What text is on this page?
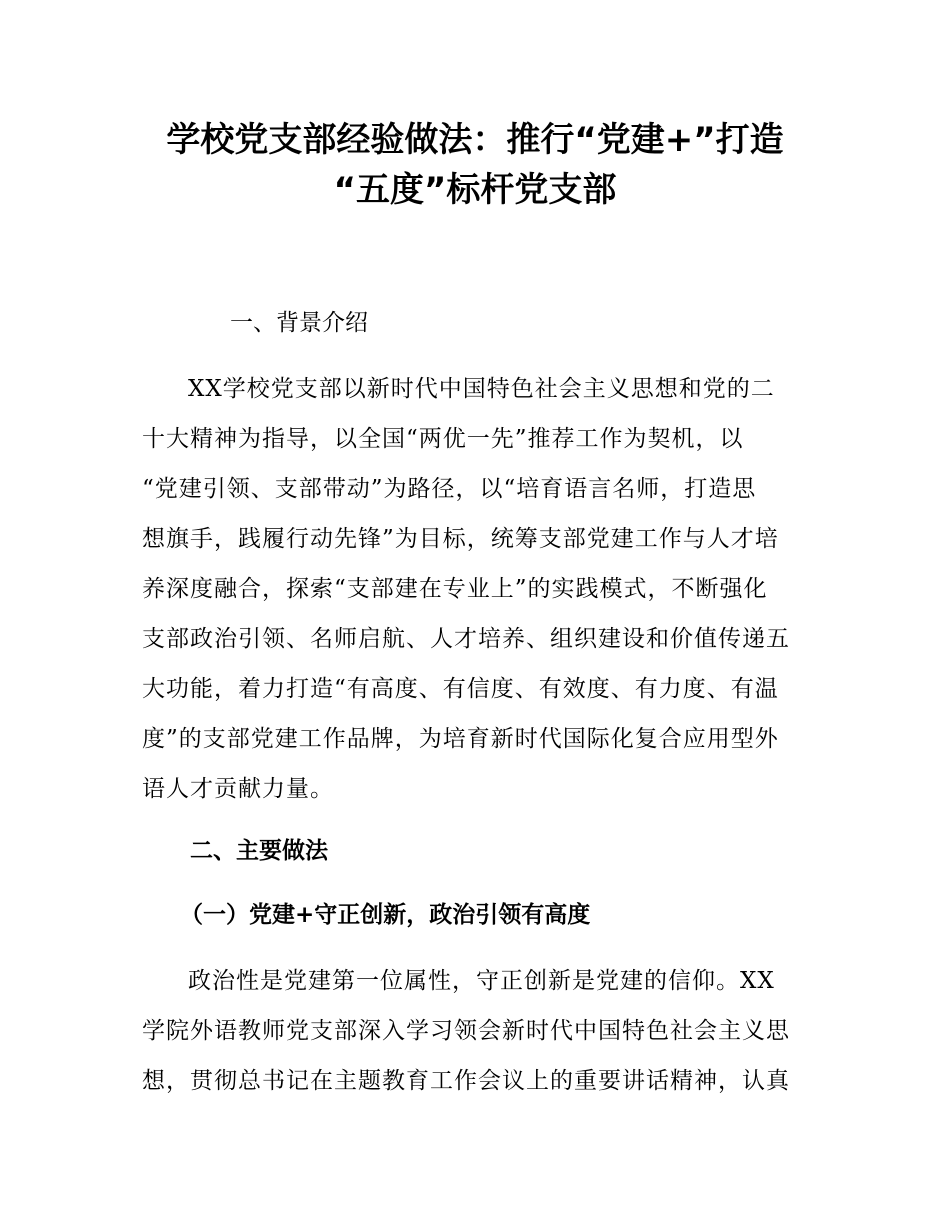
学校党支部经验做法：推行“党建+”打造
“五度”标杆党支部

一、背景介绍

XX学校党支部以新时代中国特色社会主义思想和党的二
十大精神为指导，以全国“两优一先”推荐工作为契机，以
“党建引领、支部带动”为路径，以“培育语言名师，打造思
想旗手，践履行动先锋”为目标，统筹支部党建工作与人才培
养深度融合，探索“支部建在专业上”的实践模式，不断强化
支部政治引领、名师启航、人才培养、组织建设和价值传递五
大功能，着力打造“有高度、有信度、有效度、有力度、有温
度”的支部党建工作品牌，为培育新时代国际化复合应用型外
语人才贡献力量。

二、主要做法

（一）党建+守正创新，政治引领有高度

政治性是党建第一位属性，守正创新是党建的信仰。XX
学院外语教师党支部深入学习领会新时代中国特色社会主义思
想，贯彻总书记在主题教育工作会议上的重要讲话精神，认真
